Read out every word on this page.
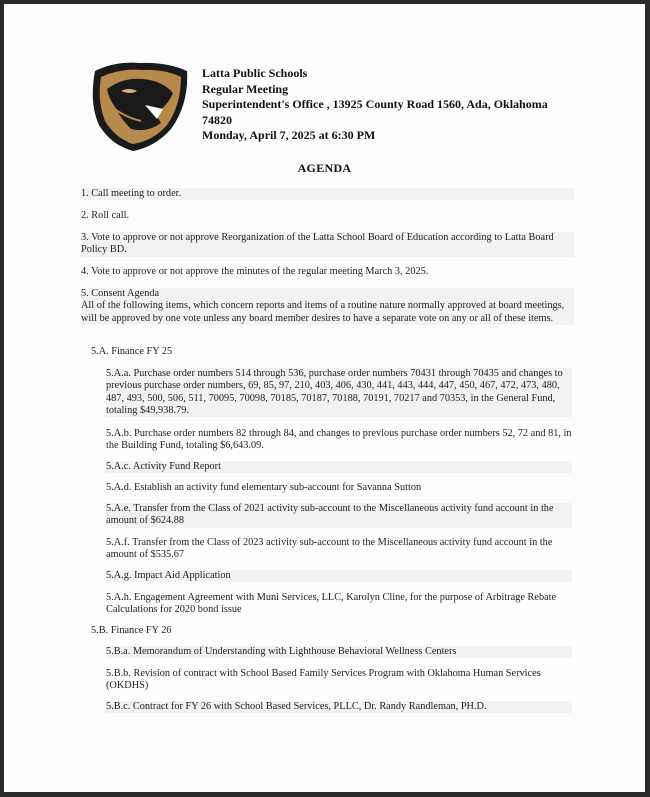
Latta Public Schools
Regular Meeting
Superintendent's Office , 13925 County Road 1560, Ada, Oklahoma
74820
Monday, April 7, 2025 at 6:30 PM
AGENDA
1. Call meeting to order.
2. Roll call.
3. Vote to approve or not approve Reorganization of the Latta School Board of Education according to Latta Board Policy BD.
4. Vote to approve or not approve the minutes of the regular meeting March 3, 2025.
5. Consent Agenda
All of the following items, which concern reports and items of a routine nature normally approved at board meetings, will be approved by one vote unless any board member desires to have a separate vote on any or all of these items.
5.A. Finance FY 25
5.A.a. Purchase order numbers 514 through 536, purchase order numbers 70431 through 70435 and changes to previous purchase order numbers, 69, 85, 97, 210, 403, 406, 430, 441, 443, 444, 447, 450, 467, 472, 473, 480, 487, 493, 500, 506, 511, 70095, 70098, 70185, 70187, 70188, 70191, 70217 and 70353, in the General Fund, totaling $49,938.79.
5.A.b. Purchase order numbers 82 through 84, and changes to previous purchase order numbers 52, 72 and 81, in the Building Fund, totaling $6,643.09.
5.A.c. Activity Fund Report
5.A.d. Establish an activity fund elementary sub-account for Savanna Sutton
5.A.e. Transfer from the Class of 2021 activity sub-account to the Miscellaneous activity fund account in the amount of $624.88
5.A.f. Transfer from the Class of 2023 activity sub-account to the Miscellaneous activity fund account in the amount of $535.67
5.A.g. Impact Aid Application
5.A.h. Engagement Agreement with Muni Services, LLC, Karolyn Cline, for the purpose of Arbitrage Rebate Calculations for 2020 bond issue
5.B. Finance FY 26
5.B.a. Memorandum of Understanding with Lighthouse Behavioral Wellness Centers
5.B.b. Revision of contract with School Based Family Services Program with Oklahoma Human Services (OKDHS)
5.B.c. Contract for FY 26 with School Based Services, PLLC, Dr. Randy Randleman, PH.D.
